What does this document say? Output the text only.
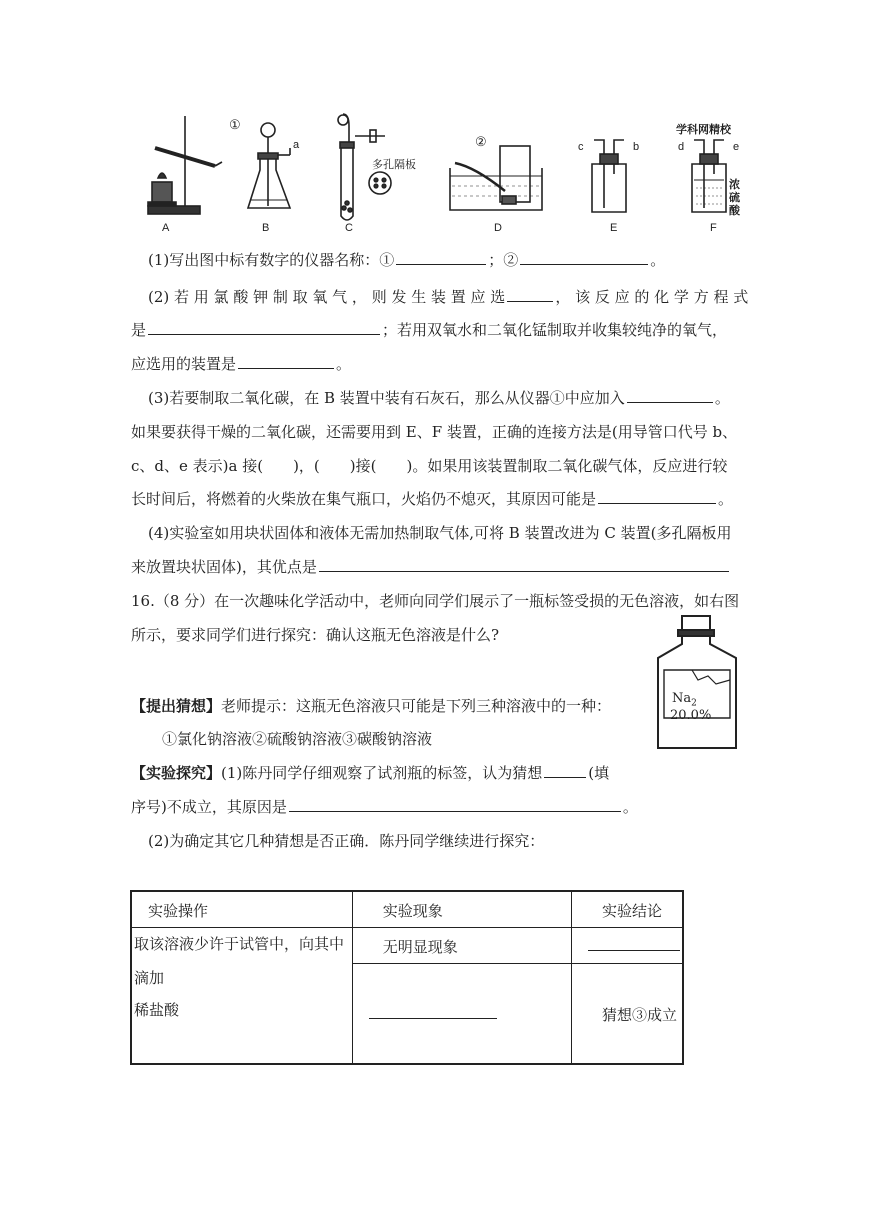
学科网精校
①
②
a
多孔隔板
c	b	d	e
浓
硫
酸
A	B	C	D	E	F
(1)写出图中标有数字的仪器名称：①	；②	。
(2) 若 用 氯 酸 钾 制 取 氧 气 ， 则 发 生 装 置 应 选	， 该 反 应 的 化 学 方 程 式
是	；若用双氧水和二氧化锰制取并收集较纯净的氧气，
应选用的装置是	。
(3)若要制取二氧化碳，在 B 装置中装有石灰石，那么从仪器①中应加入	。
如果要获得干燥的二氧化碳，还需要用到 E、F 装置，正确的连接方法是(用导管口代号 b、
c、d、e 表示)a 接(　　)，(　　)接(　　)。如果用该装置制取二氧化碳气体，反应进行较
长时间后，将燃着的火柴放在集气瓶口，火焰仍不熄灭，其原因可能是	。
(4)实验室如用块状固体和液体无需加热制取气体,可将 B 装置改进为 C 装置(多孔隔板用
来放置块状固体)，其优点是
16.（8 分）在一次趣味化学活动中，老师向同学们展示了一瓶标签受损的无色溶液，如右图
所示，要求同学们进行探究：确认这瓶无色溶液是什么?
$Na_2$
20.0%
【提出猜想】老师提示：这瓶无色溶液只可能是下列三种溶液中的一种：
①氯化钠溶液②硫酸钠溶液③碳酸钠溶液
【实验探究】(1)陈丹同学仔细观察了试剂瓶的标签，认为猜想	(填
序号)不成立，其原因是	。
(2)为确定其它几种猜想是否正确．陈丹同学继续进行探究：
实验操作	实验现象	实验结论

取该溶液少许于试管中，向其中
滴加
稀盐酸	无明显现象	
		猜想③成立
